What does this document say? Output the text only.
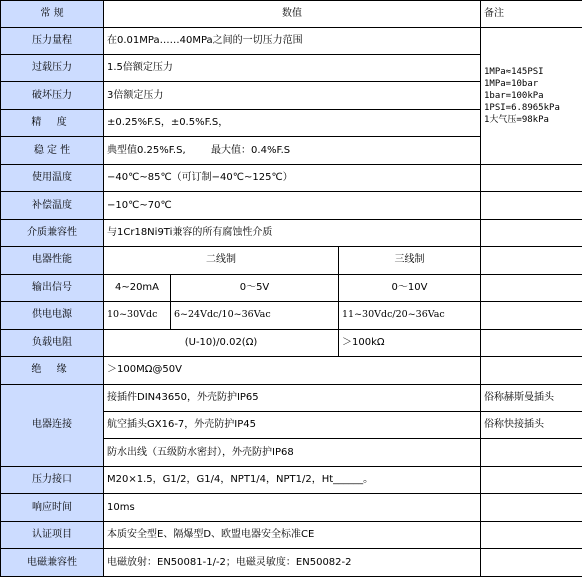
常 规	数值			备注
压力量程	在0.01MPa……40MPa之间的一切压力范围			1MPa≈145PSI
1MPa=10bar
1bar=100kPa
1PSI=6.8965kPa
1大气压=98kPa

过载压力	1.5倍额定压力			
破坏压力	3倍额定压力			
精 度	±0.25%F.S，±0.5%F.S，			
稳 定 性	典型值0.25%F.S,        最大值：0.4%F.S			
使用温度	−40℃~85℃（可订制−40℃~125℃）			
补偿温度	−10℃~70℃			
介质兼容性	与1Cr18Ni9Ti兼容的所有腐蚀性介质			
电器性能	二线制		三线制	
输出信号	4~20mA	0～5V	0～10V	
供电电源	10~30Vdc	6~24Vdc/10~36Vac	11~30Vdc/20~36Vac	
负载电阻	(U-10)/0.02(Ω)		＞100kΩ	
绝 缘	＞100MΩ@50V			
电器连接	接插件DIN43650，外壳防护IP65			俗称赫斯曼插头
	航空插头GX16-7，外壳防护IP45			俗称快接插头
	防水出线（五级防水密封），外壳防护IP68			
压力接口	M20×1.5，G1/2，G1/4，NPT1/4，NPT1/2，Ht______。			
响应时间	10ms			
认证项目	本质安全型E、隔爆型D、欧盟电器安全标准CE			
电磁兼容性	电磁放射：EN50081-1/-2；电磁灵敏度：EN50082-2			
